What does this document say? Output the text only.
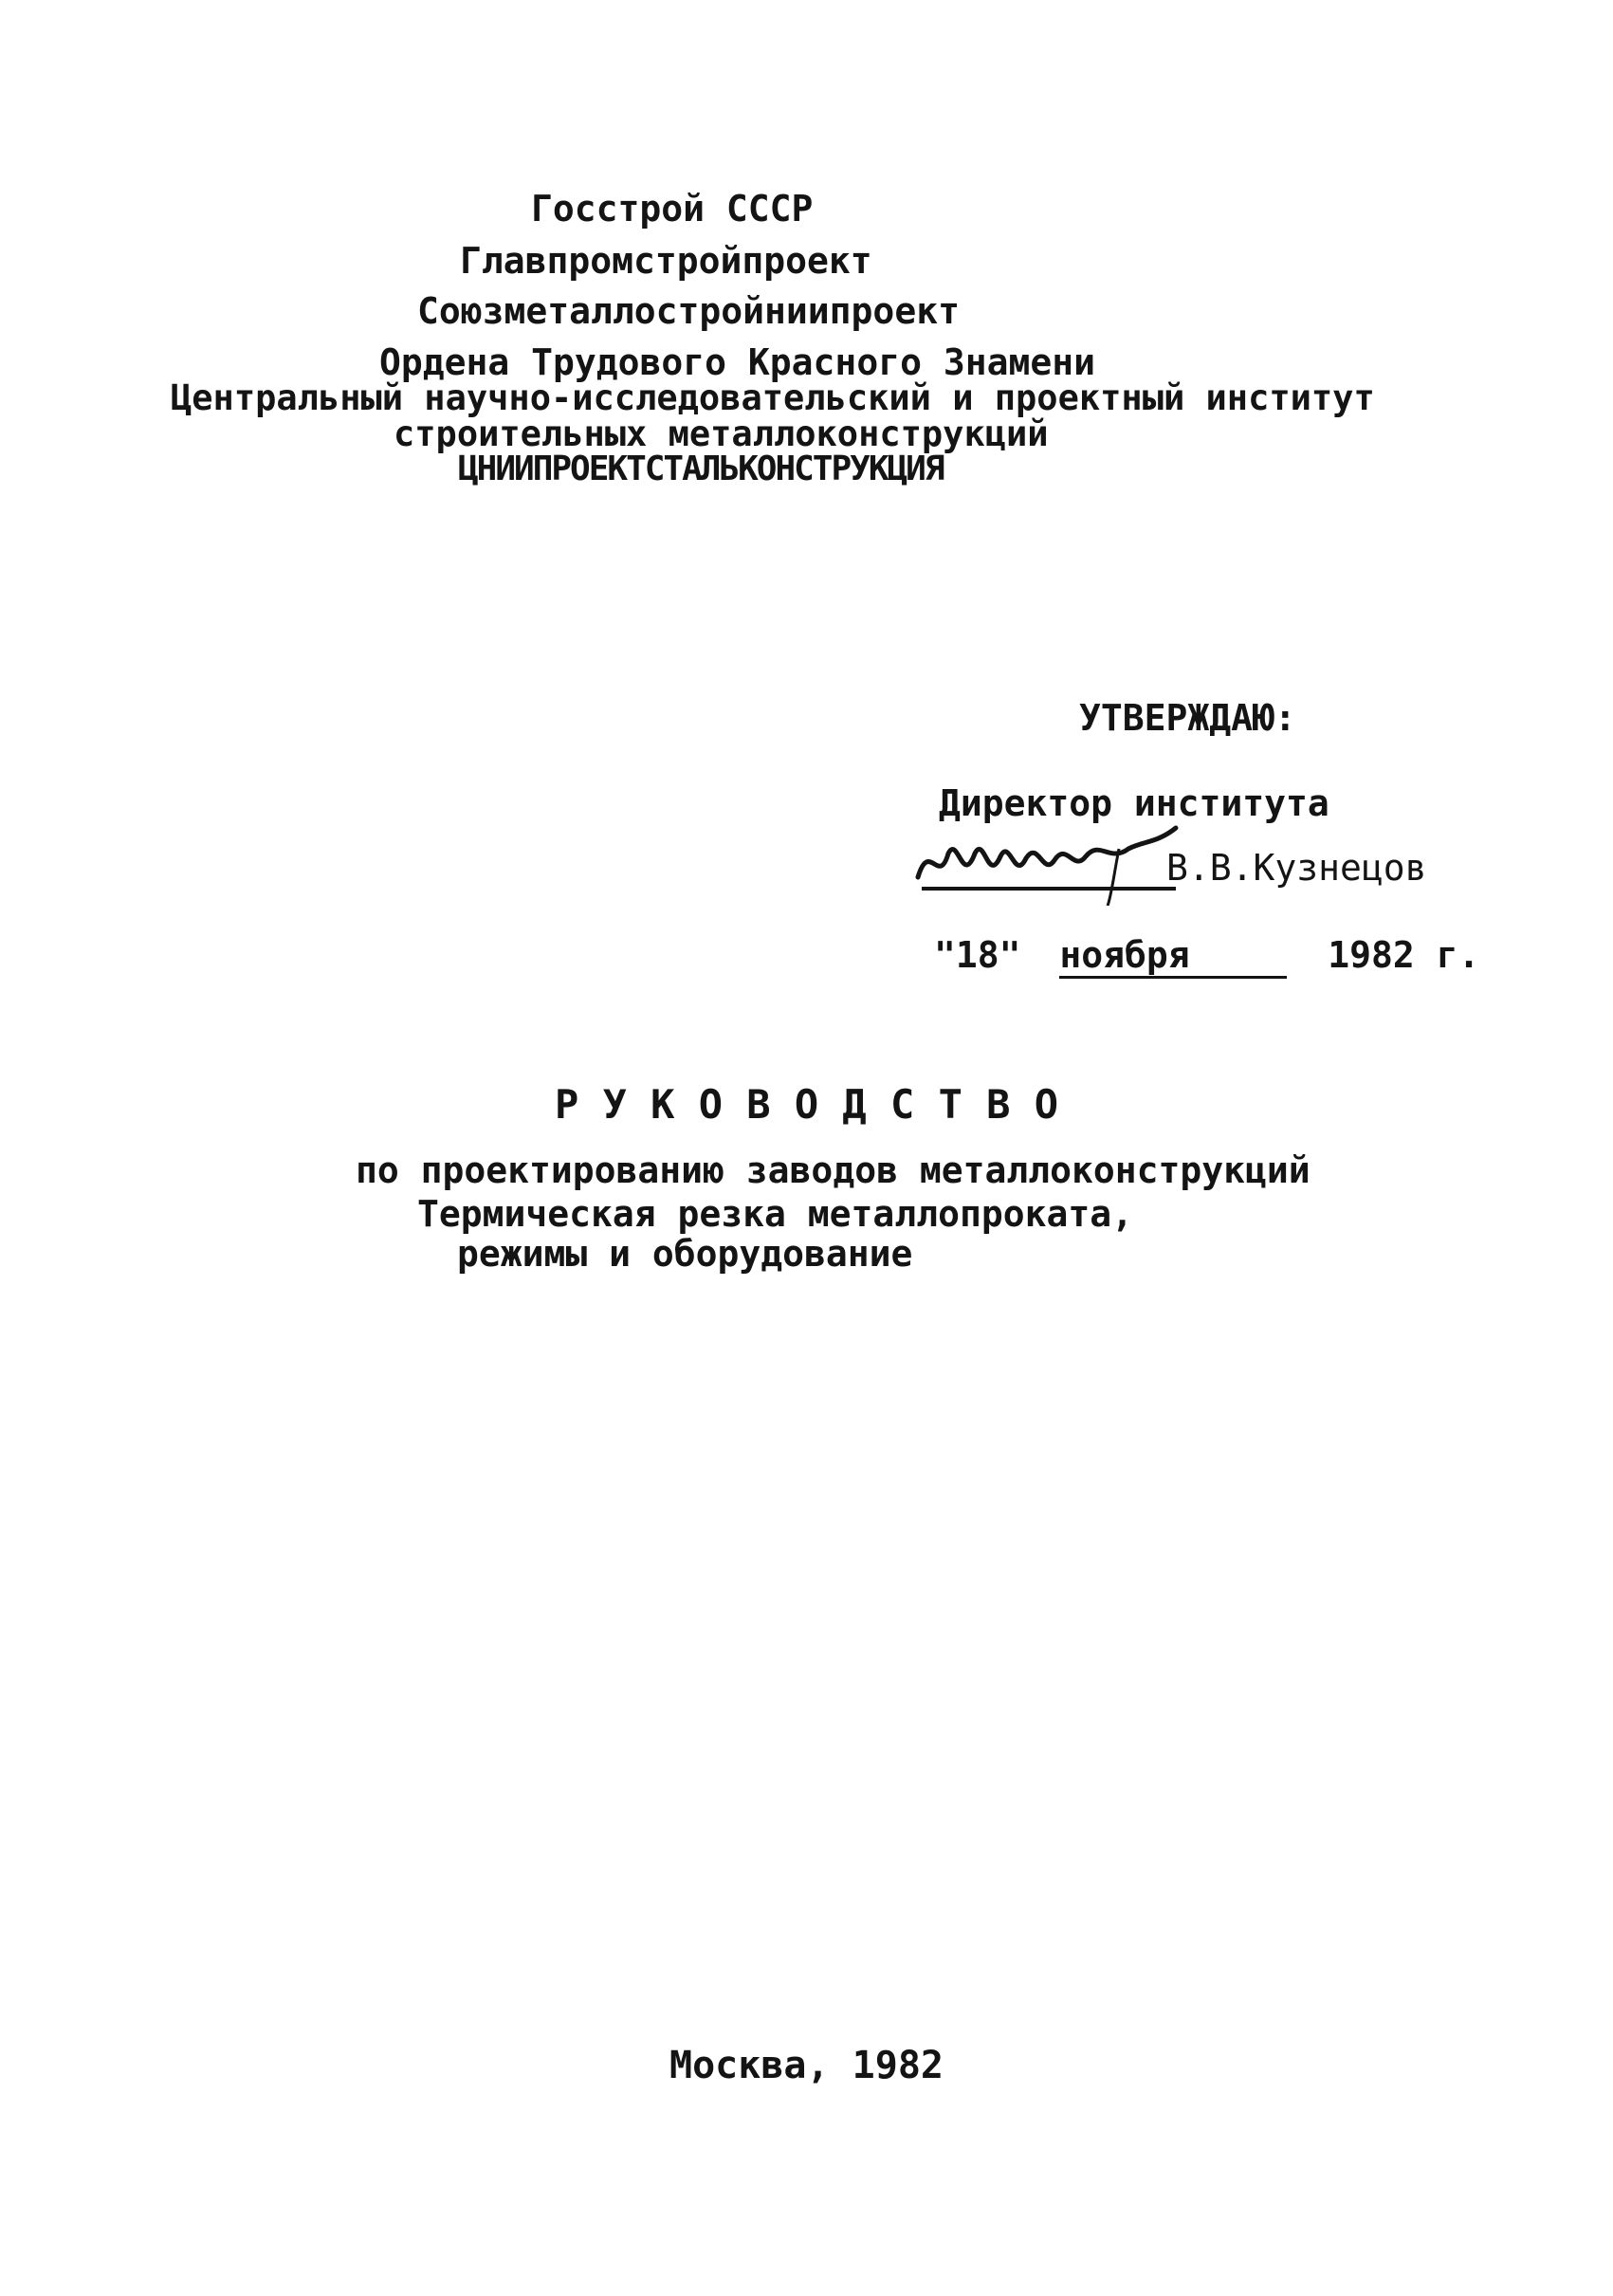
Госстрой СССР
Главпромстройпроект
Союзметаллостройниипроект
Ордена Трудового Красного Знамени
Центральный научно-исследовательский и проектный институт
строительных металлоконструкций
ЦНИИПРОЕКТСТАЛЬКОНСТРУКЦИЯ
УТВЕРЖДАЮ:
Директор института
В.В.Кузнецов
"18" ноября	1982 г.
Р У К О В О Д С Т В О
по проектированию заводов металлоконструкций
Термическая резка металлопроката,
режимы и оборудование
Москва, 1982
